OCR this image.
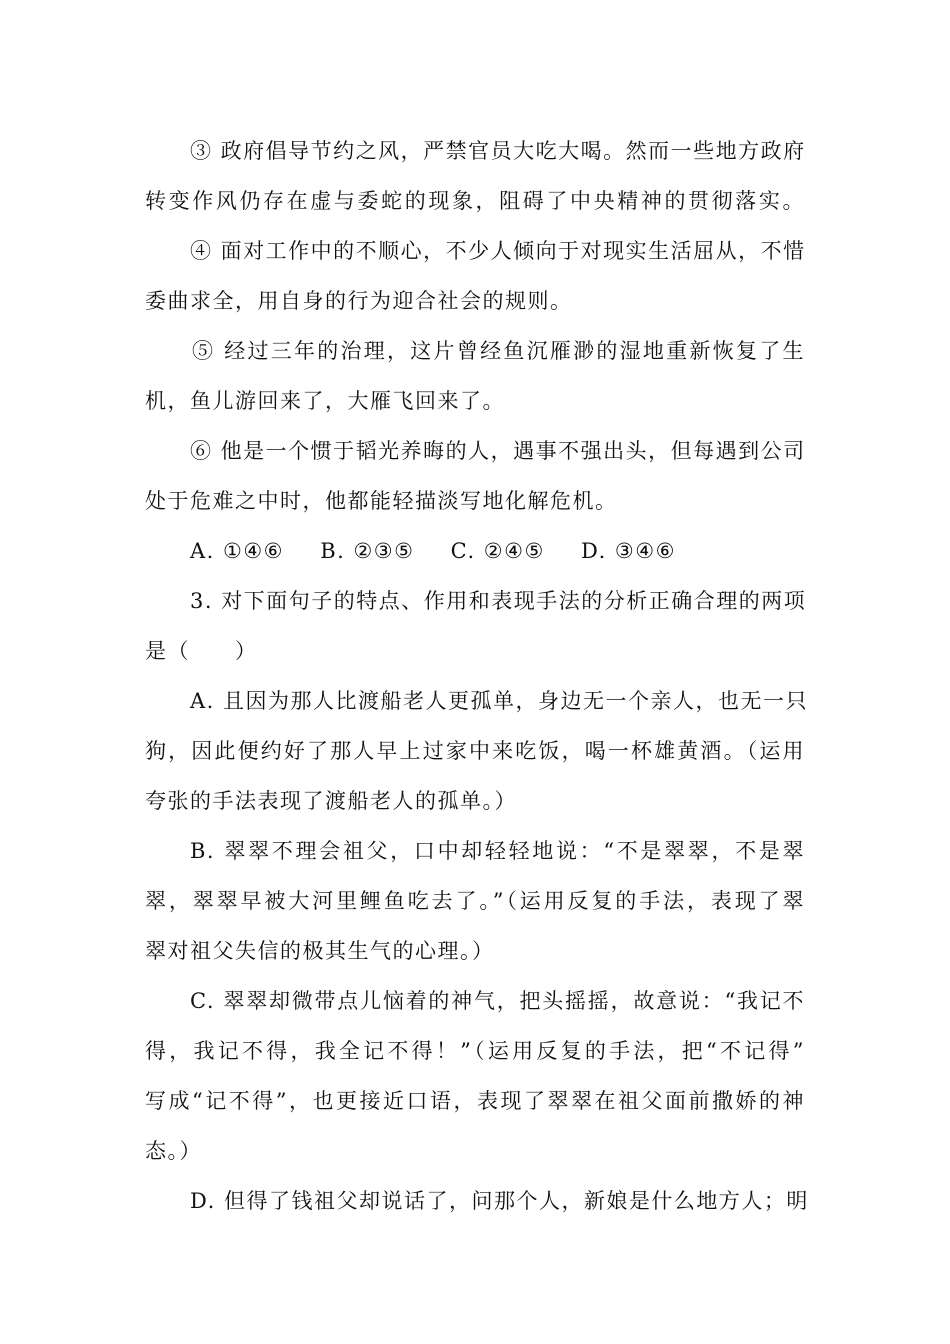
③ 政府倡导节约之风，严禁官员大吃大喝。然而一些地方政府
转变作风仍存在虚与委蛇的现象，阻碍了中央精神的贯彻落实。
④ 面对工作中的不顺心，不少人倾向于对现实生活屈从，不惜
委曲求全，用自身的行为迎合社会的规则。
⑤ 经过三年的治理，这片曾经鱼沉雁渺的湿地重新恢复了生
机，鱼儿游回来了，大雁飞回来了。
⑥ 他是一个惯于韬光养晦的人，遇事不强出头，但每遇到公司
处于危难之中时，他都能轻描淡写地化解危机。
A. ①④⑥ B. ②③⑤ C. ②④⑤ D. ③④⑥
3. 对下面句子的特点、作用和表现手法的分析正确合理的两项
是（　　）
A. 且因为那人比渡船老人更孤单，身边无一个亲人，也无一只
狗，因此便约好了那人早上过家中来吃饭，喝一杯雄黄酒。（运用
夸张的手法表现了渡船老人的孤单。）
B. 翠翠不理会祖父，口中却轻轻地说：“不是翠翠，不是翠
翠，翠翠早被大河里鲤鱼吃去了。”（运用反复的手法，表现了翠
翠对祖父失信的极其生气的心理。）
C. 翠翠却微带点儿恼着的神气，把头摇摇，故意说：“我记不
得，我记不得，我全记不得！”（运用反复的手法，把“不记得”
写成“记不得”，也更接近口语，表现了翠翠在祖父面前撒娇的神
态。）
D. 但得了钱祖父却说话了，问那个人，新娘是什么地方人；明
